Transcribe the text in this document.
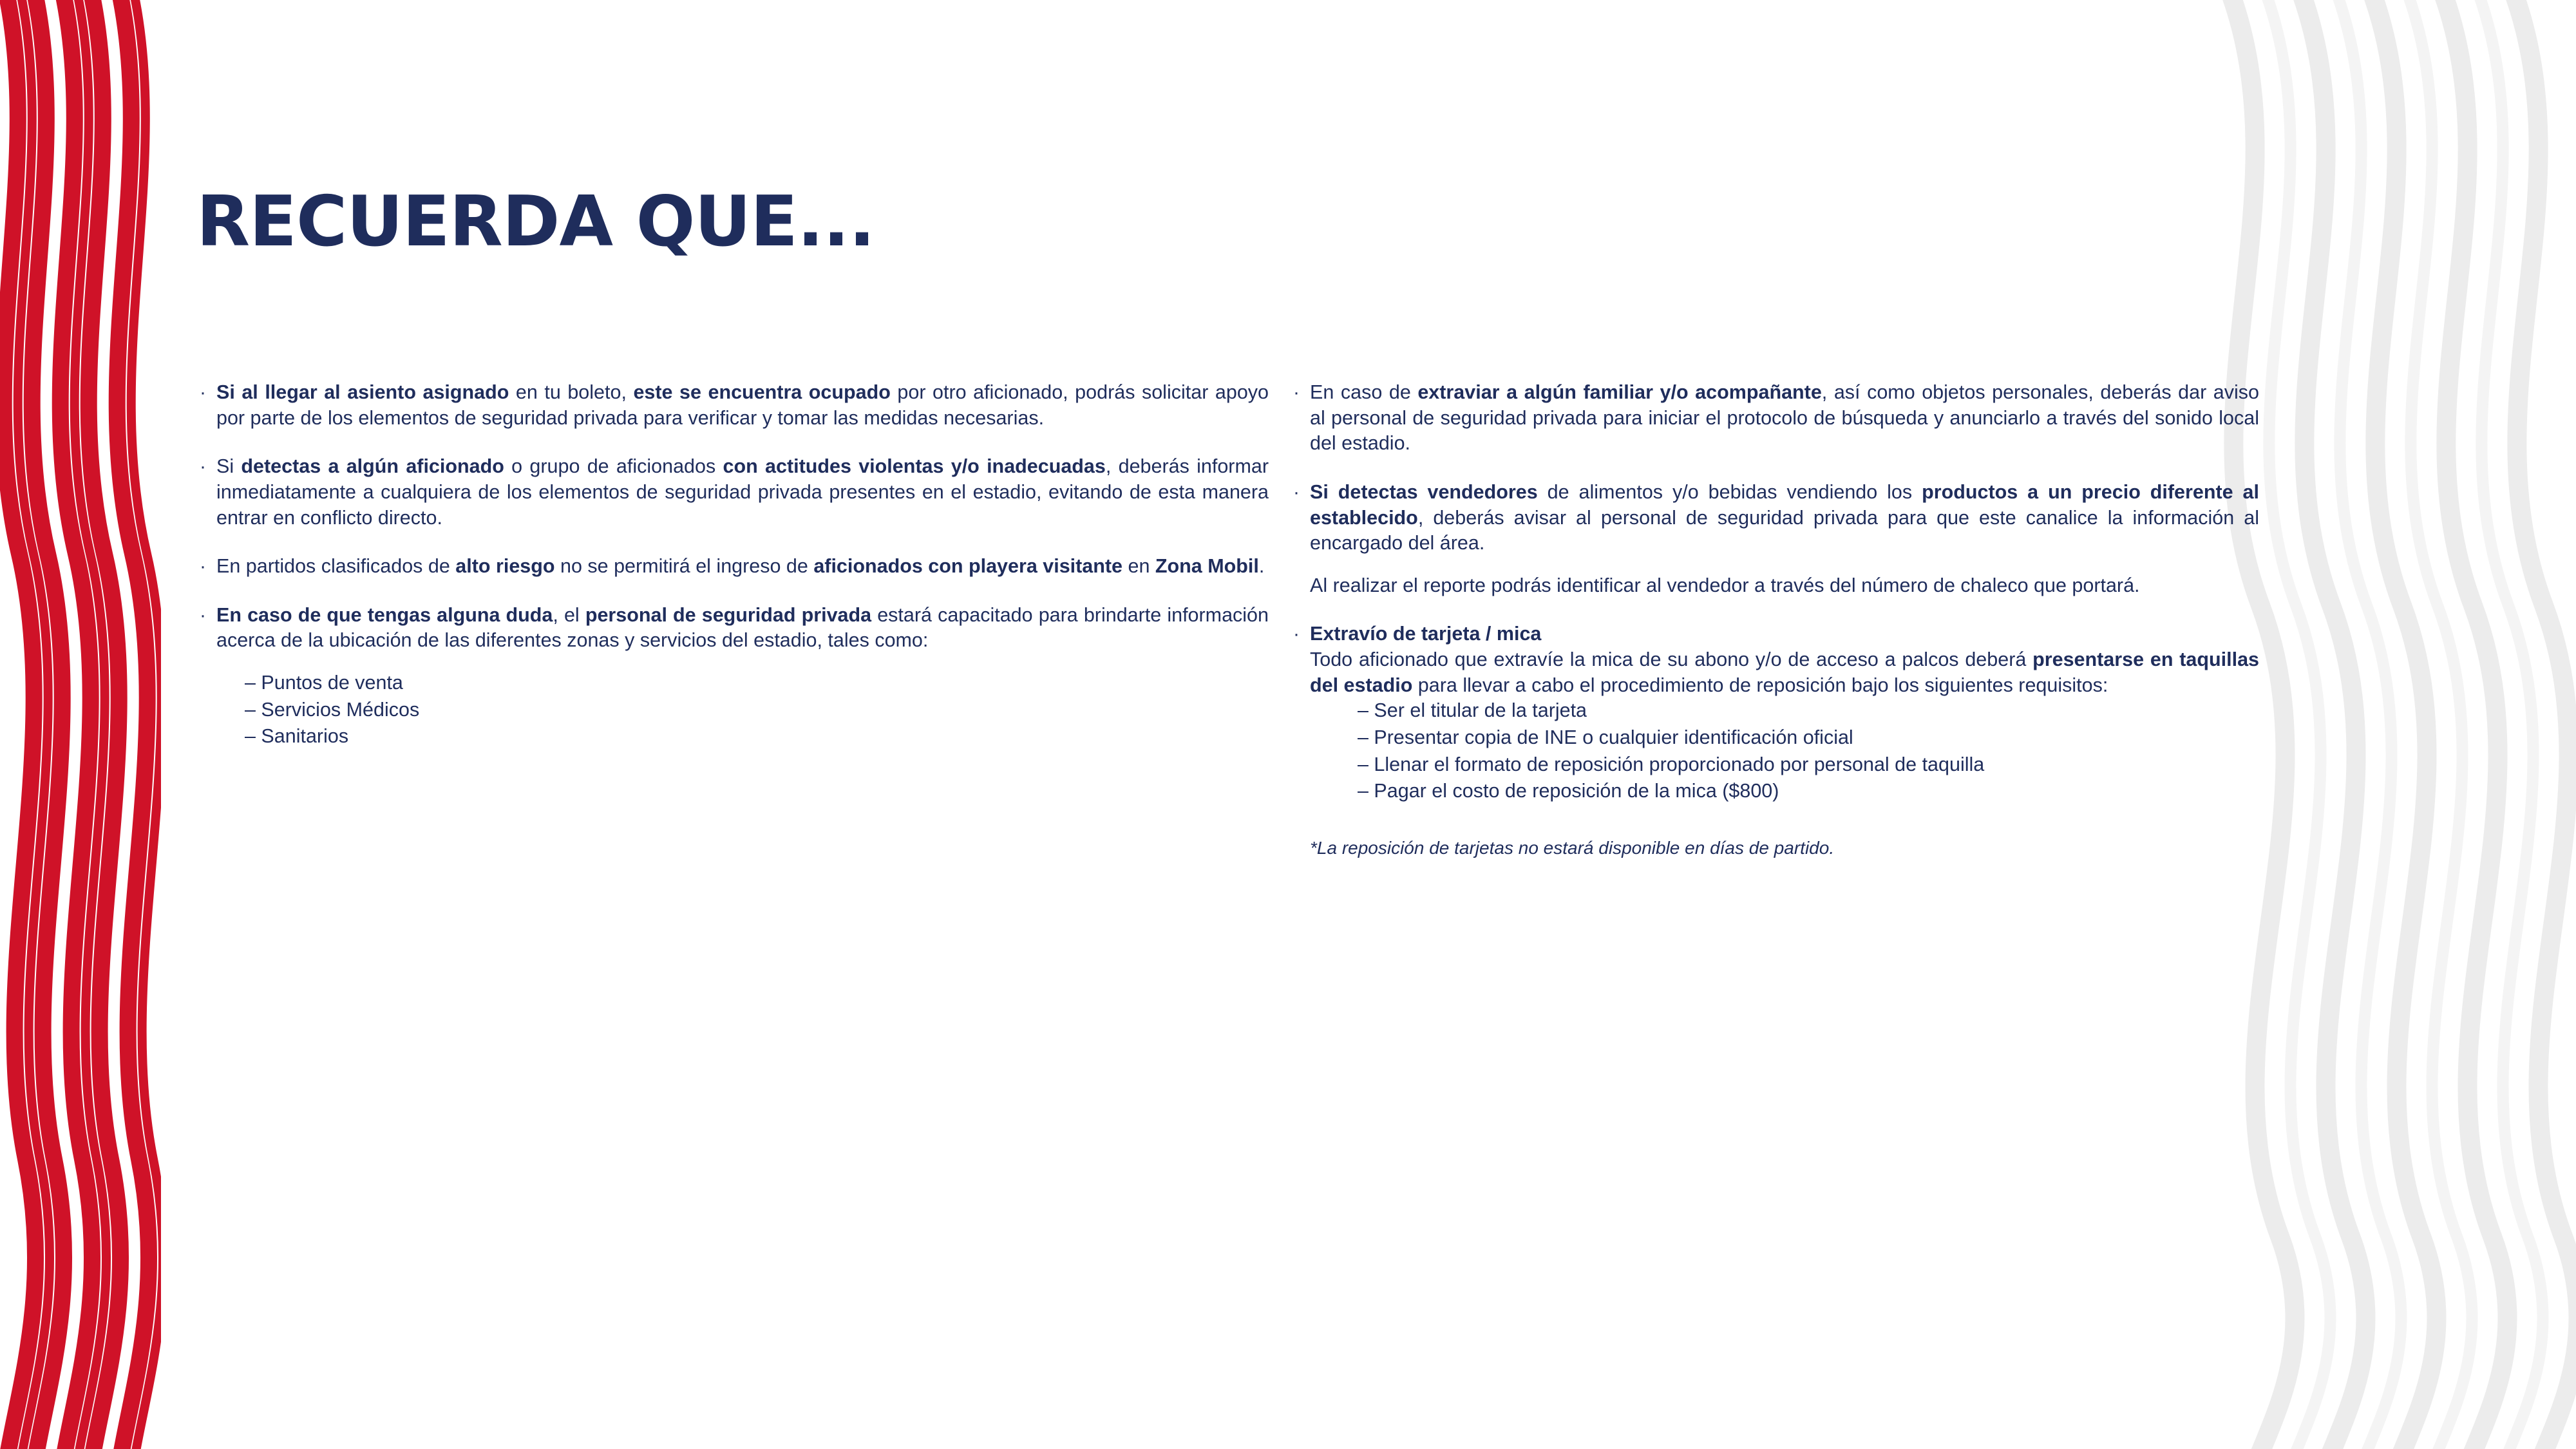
RECUERDA QUE...
· Si al llegar al asiento asignado en tu boleto, este se encuentra ocupado por otro aficionado, podrás solicitar apoyo por parte de los elementos de seguridad privada para verificar y tomar las medidas necesarias.
· Si detectas a algún aficionado o grupo de aficionados con actitudes violentas y/o inadecuadas, deberás informar inmediatamente a cualquiera de los elementos de seguridad privada presentes en el estadio, evitando de esta manera entrar en conflicto directo.
· En partidos clasificados de alto riesgo no se permitirá el ingreso de aficionados con playera visitante en Zona Mobil.
· En caso de que tengas alguna duda, el personal de seguridad privada estará capacitado para brindarte información acerca de la ubicación de las diferentes zonas y servicios del estadio, tales como:
– Puntos de venta
– Servicios Médicos
– Sanitarios
· En caso de extraviar a algún familiar y/o acompañante, así como objetos personales, deberás dar aviso al personal de seguridad privada para iniciar el protocolo de búsqueda y anunciarlo a través del sonido local del estadio.
· Si detectas vendedores de alimentos y/o bebidas vendiendo los productos a un precio diferente al establecido, deberás avisar al personal de seguridad privada para que este canalice la información al encargado del área.
Al realizar el reporte podrás identificar al vendedor a través del número de chaleco que portará.
· Extravío de tarjeta / mica
Todo aficionado que extravíe la mica de su abono y/o de acceso a palcos deberá presentarse en taquillas del estadio para llevar a cabo el procedimiento de reposición bajo los siguientes requisitos:
– Ser el titular de la tarjeta
– Presentar copia de INE o cualquier identificación oficial
– Llenar el formato de reposición proporcionado por personal de taquilla
– Pagar el costo de reposición de la mica ($800)
*La reposición de tarjetas no estará disponible en días de partido.
